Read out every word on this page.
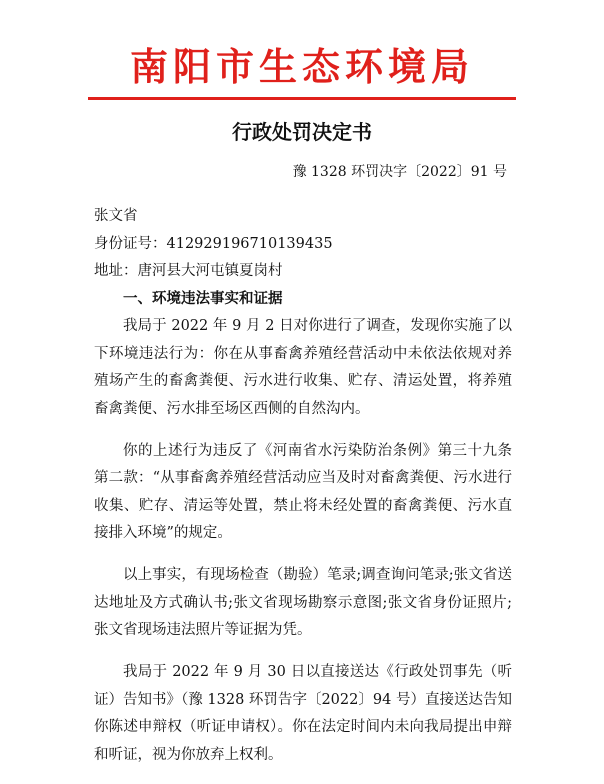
南阳市生态环境局
行政处罚决定书
豫 1328 环罚决字〔2022〕91 号
张文省
身份证号：412929196710139435
地址：唐河县大河屯镇夏岗村
一、环境违法事实和证据

我局于 2022 年 9 月 2 日对你进行了调查，发现你实施了以下环境违法行为：你在从事畜禽养殖经营活动中未依法依规对养殖场产生的畜禽粪便、污水进行收集、贮存、清运处置，将养殖畜禽粪便、污水排至场区西侧的自然沟内。

你的上述行为违反了《河南省水污染防治条例》第三十九条 第二款：“从事畜禽养殖经营活动应当及时对畜禽粪便、污水进行收集、贮存、清运等处置，禁止将未经处置的畜禽粪便、污水直接排入环境”的规定。

以上事实，有现场检查（勘验）笔录;调查询问笔录;张文省送达地址及方式确认书;张文省现场勘察示意图;张文省身份证照片;张文省现场违法照片等证据为凭。

我局于 2022 年 9 月 30 日以直接送达《行政处罚事先（听证）告知书》（豫 1328 环罚告字〔2022〕94 号）直接送达告知你陈述申辩权（听证申请权）。你在法定时间内未向我局提出申辩和听证，视为你放弃上权利。
